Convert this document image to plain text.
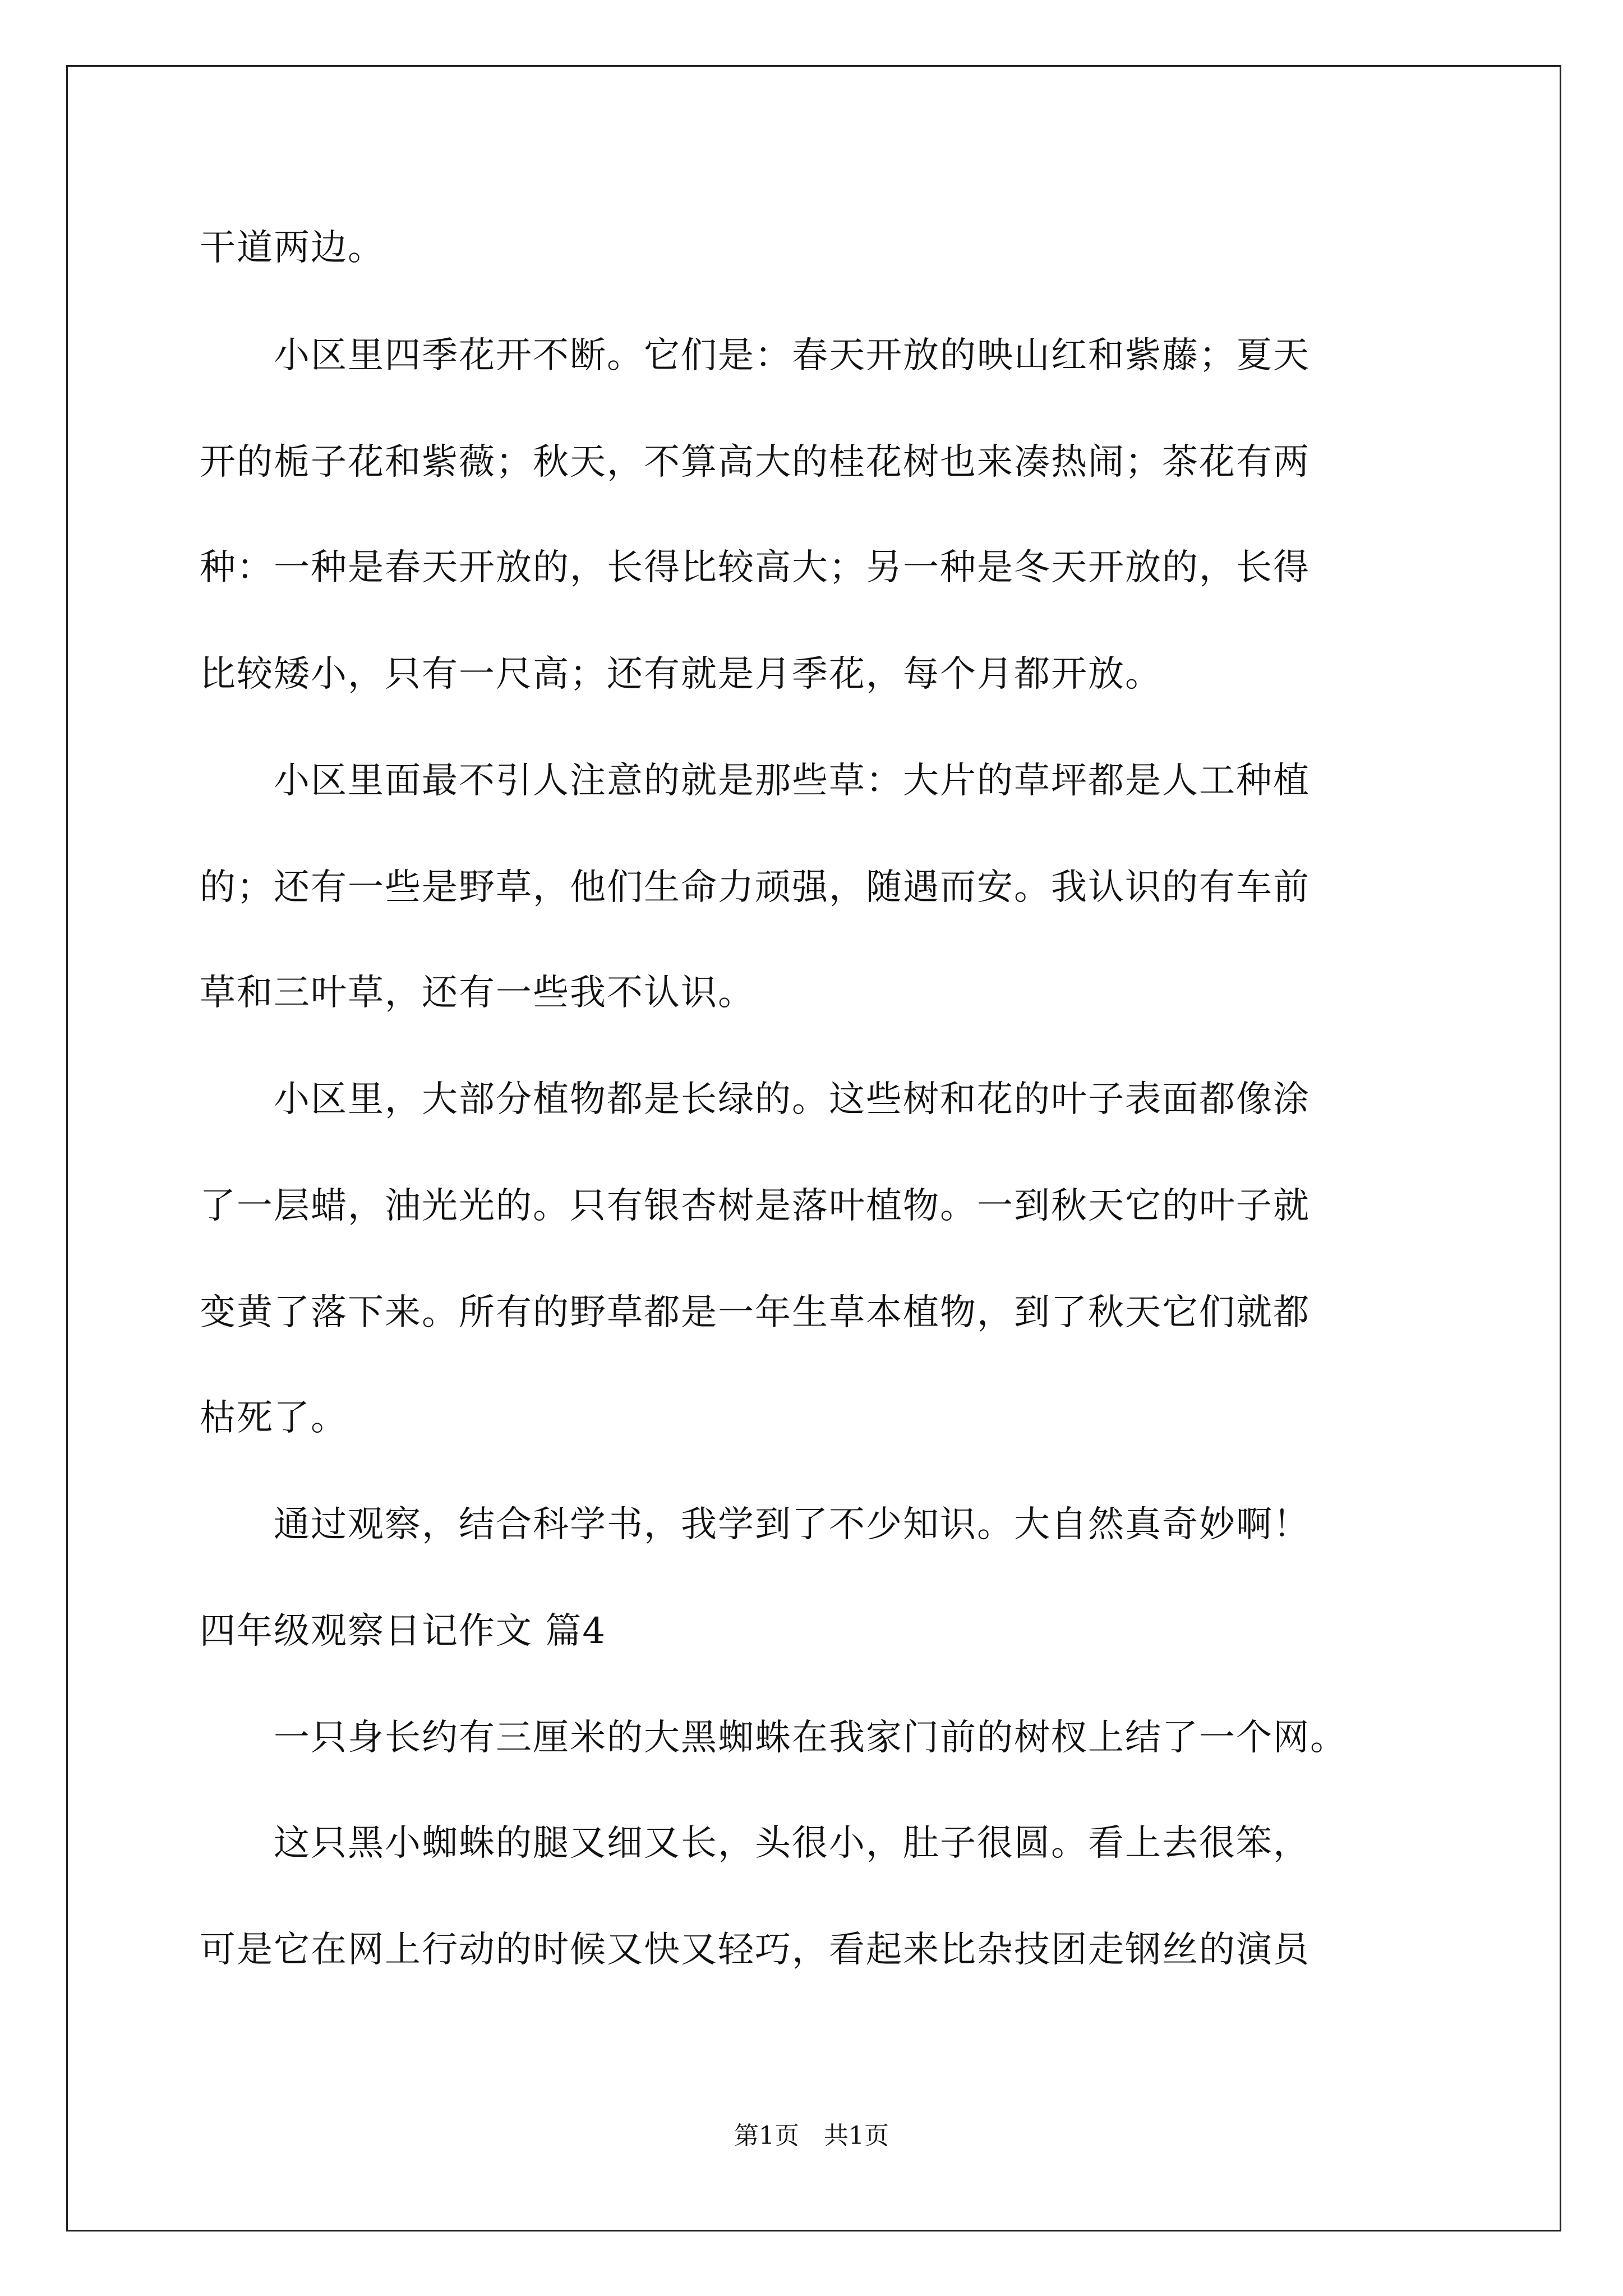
干道两边。
　　小区里四季花开不断。它们是：春天开放的映山红和紫藤；夏天
开的栀子花和紫薇；秋天，不算高大的桂花树也来凑热闹；茶花有两
种：一种是春天开放的，长得比较高大；另一种是冬天开放的，长得
比较矮小，只有一尺高；还有就是月季花，每个月都开放。
　　小区里面最不引人注意的就是那些草：大片的草坪都是人工种植
的；还有一些是野草，他们生命力顽强，随遇而安。我认识的有车前
草和三叶草，还有一些我不认识。
　　小区里，大部分植物都是长绿的。这些树和花的叶子表面都像涂
了一层蜡，油光光的。只有银杏树是落叶植物。一到秋天它的叶子就
变黄了落下来。所有的野草都是一年生草本植物，到了秋天它们就都
枯死了。
　　通过观察，结合科学书，我学到了不少知识。大自然真奇妙啊！
四年级观察日记作文 篇4
　　一只身长约有三厘米的大黑蜘蛛在我家门前的树杈上结了一个网。
　　这只黑小蜘蛛的腿又细又长，头很小，肚子很圆。看上去很笨，
可是它在网上行动的时候又快又轻巧，看起来比杂技团走钢丝的演员
第1页　共1页
